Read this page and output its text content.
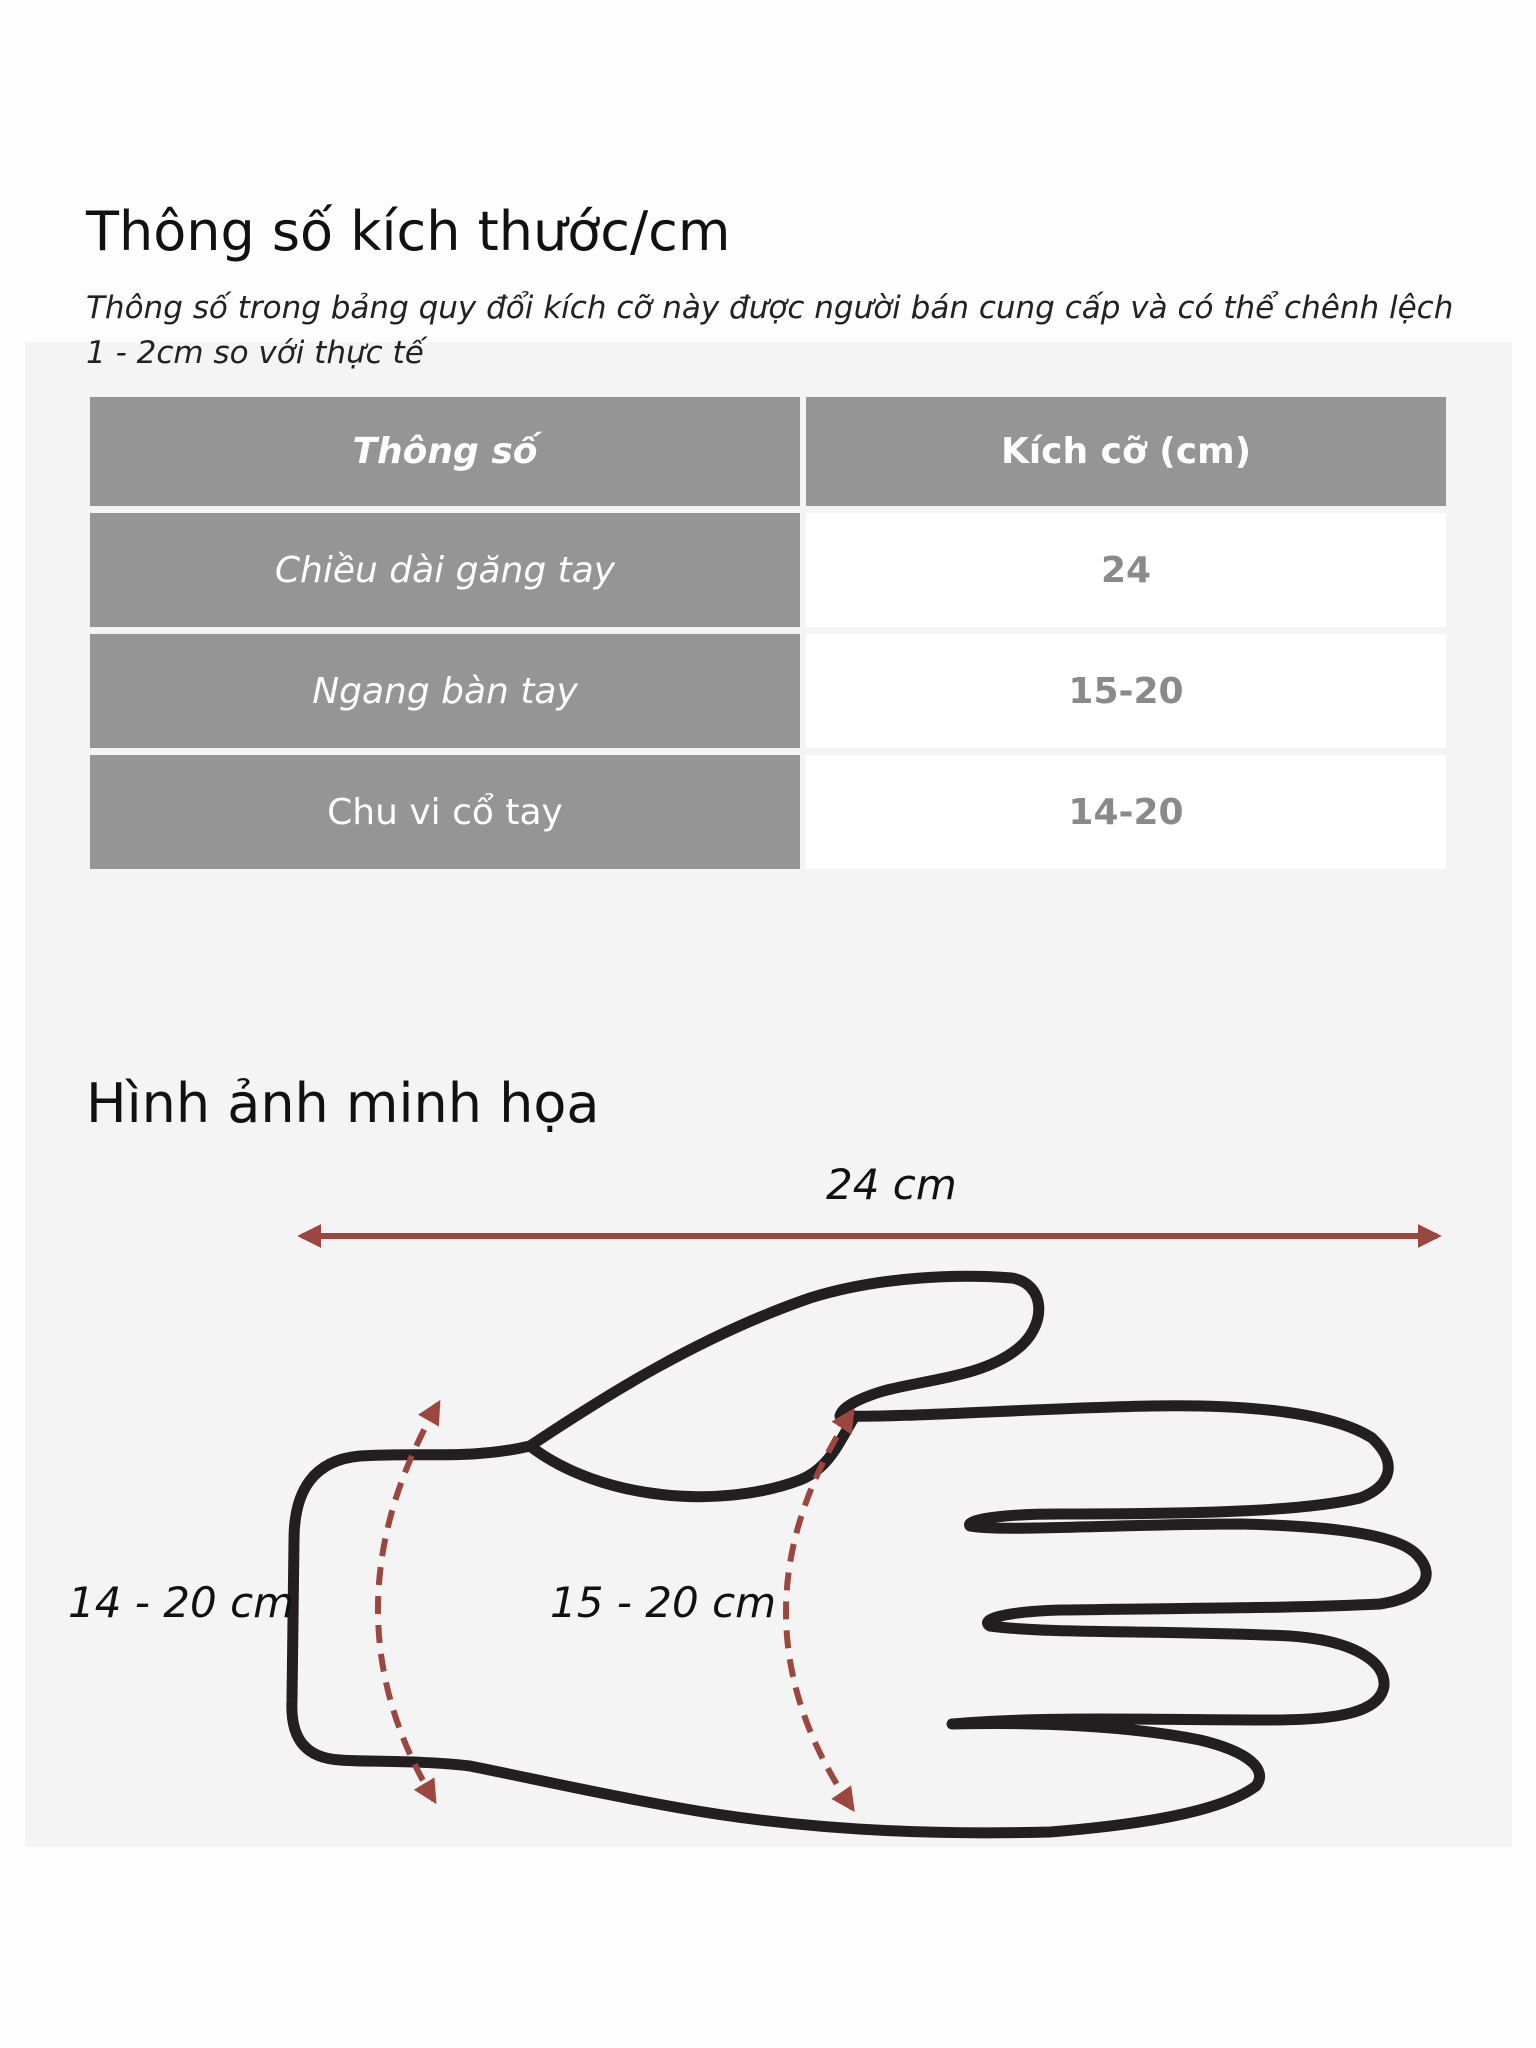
Thông số kích thước/cm

Thông số trong bảng quy đổi kích cỡ này được người bán cung cấp và có thể chênh lệch 1 - 2cm so với thực tế

Thông số	Kích cỡ (cm)
Chiều dài găng tay	24
Ngang bàn tay	15-20
Chu vi cổ tay	14-20
Hình ảnh minh họa
24 cm
15 - 20 cm
14 - 20 cm
